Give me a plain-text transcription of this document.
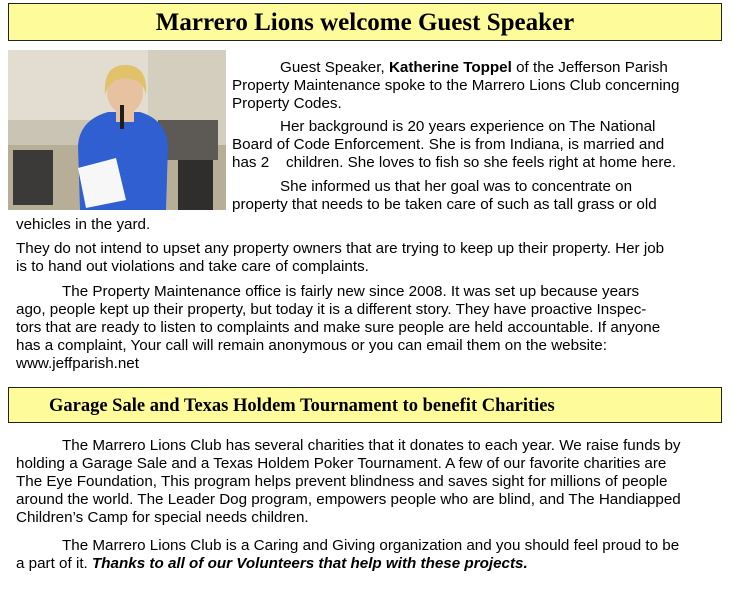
Marrero Lions welcome Guest Speaker
Guest Speaker, Katherine Toppel of the Jefferson Parish
Property Maintenance spoke to the Marrero Lions Club concerning
Property Codes.
Her background is 20 years experience on The National
Board of Code Enforcement. She is from Indiana, is married and
has 2    children. She loves to fish so she feels right at home here.
She informed us that her goal was to concentrate on
property that needs to be taken care of such as tall grass or old
vehicles in the yard.
They do not intend to upset any property owners that are trying to keep up their property. Her job
is to hand out violations and take care of complaints.
The Property Maintenance office is fairly new since 2008. It was set up because years
ago, people kept up their property, but today it is a different story. They have proactive Inspec-
tors that are ready to listen to complaints and make sure people are held accountable. If anyone
has a complaint, Your call will remain anonymous or you can email them on the website:
www.jeffparish.net
Garage Sale and Texas Holdem Tournament to benefit Charities
The Marrero Lions Club has several charities that it donates to each year. We raise funds by
holding a Garage Sale and a Texas Holdem Poker Tournament. A few of our favorite charities are
The Eye Foundation, This program helps prevent blindness and saves sight for millions of people
around the world. The Leader Dog program, empowers people who are blind, and The Handiapped
Children’s Camp for special needs children.
The Marrero Lions Club is a Caring and Giving organization and you should feel proud to be
a part of it. Thanks to all of our Volunteers that help with these projects.
